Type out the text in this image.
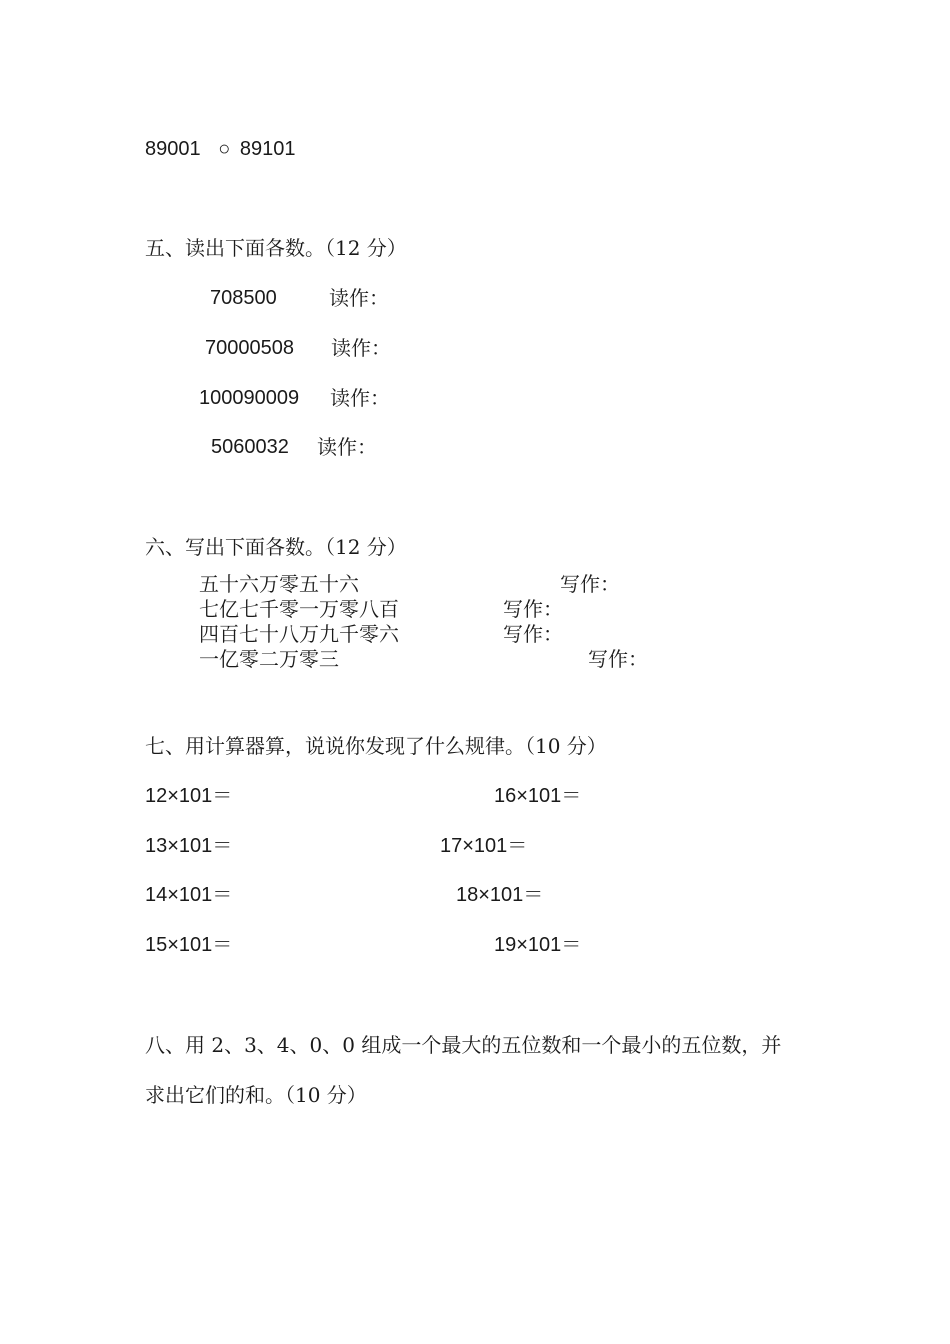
89001 ○ 89101
五、读出下面各数。（12 分）
708500	读作：
70000508 读作：
100090009 读作：
5060032 读作：
六、写出下面各数。（12 分）
五十六万零五十六	写作：
七亿七千零一万零八百	写作：
四百七十八万九千零六	写作：
一亿零二万零三	写作：
七、用计算器算，说说你发现了什么规律。（10 分）
12×101＝	16×101＝
13×101＝	17×101＝
14×101＝	18×101＝
15×101＝	19×101＝
八、用 2、3、4、0、0 组成一个最大的五位数和一个最小的五位数，并
求出它们的和。（10 分）
